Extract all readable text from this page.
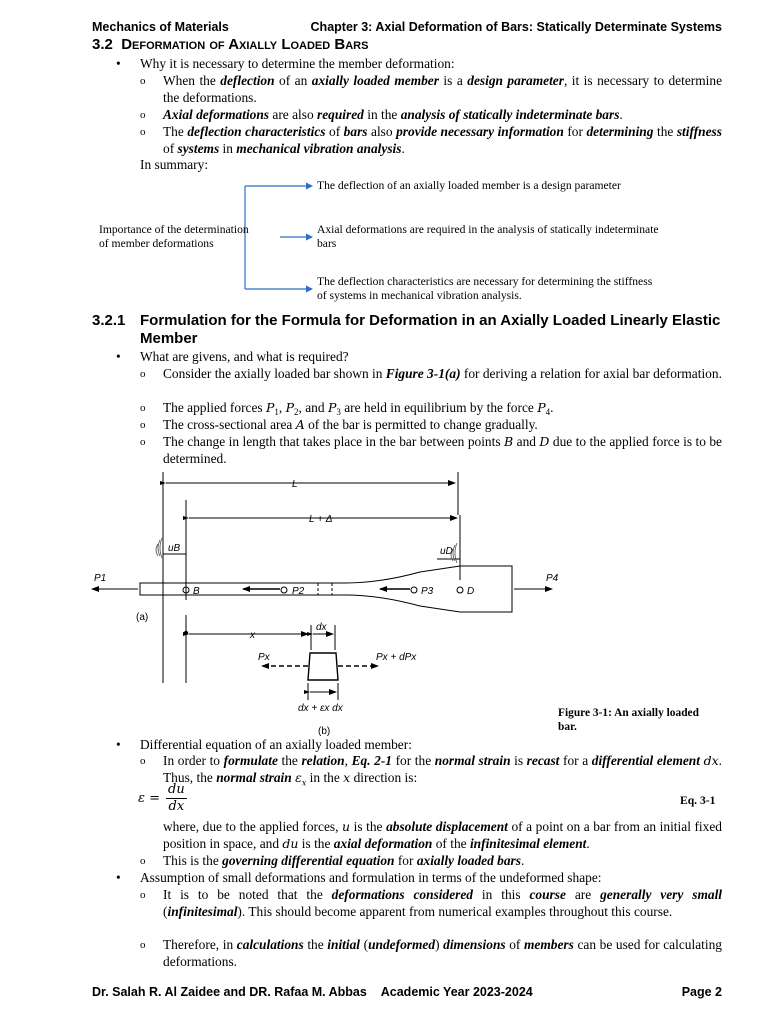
Mechanics of Materials	Chapter 3: Axial Deformation of Bars: Statically Determinate Systems
3.2 Deformation of Axially Loaded Bars
• Why it is necessary to determine the member deformation:
o When the deflection of an axially loaded member is a design parameter, it is necessary to determine the deformations.
o Axial deformations are also required in the analysis of statically indeterminate bars.
o The deflection characteristics of bars also provide necessary information for determining the stiffness of systems in mechanical vibration analysis.
In summary:
Importance of the determination
of member deformations
The deflection of an axially loaded member is a design parameter
Axial deformations are required in the analysis of statically indeterminate
bars
The deflection characteristics are necessary for determining the stiffness
of systems in mechanical vibration analysis.
3.2.1 Formulation for the Formula for Deformation in an Axially Loaded Linearly Elastic Member
• What are givens, and what is required?
o Consider the axially loaded bar shown in Figure 3-1(a) for deriving a relation for axial bar deformation.
o The applied forces $P_1$, $P_2$, and $P_3$ are held in equilibrium by the force $P_4$.
o The cross-sectional area A of the bar is permitted to change gradually.
o The change in length that takes place in the bar between points B and D due to the applied force is to be determined.
L
L + Δ
uB	uD
P1	P4
P2	P3
B	D
x
dx
Px	Px + dPx
dx + εx dx
(a)
(b)
Figure 3-1: An axially loaded
bar.
• Differential equation of an axially loaded member:
o In order to formulate the relation, Eq. 2-1 for the normal strain is recast for a differential element dx. Thus, the normal strain $\varepsilon_x$ in the x direction is:
$\varepsilon = \frac{du}{dx}$	Eq. 3-1
where, due to the applied forces, u is the absolute displacement of a point on a bar from an initial fixed position in space, and du is the axial deformation of the infinitesimal element.
o This is the governing differential equation for axially loaded bars.
• Assumption of small deformations and formulation in terms of the undeformed shape:
o It is to be noted that the deformations considered in this course are generally very small (infinitesimal). This should become apparent from numerical examples throughout this course.
o Therefore, in calculations the initial (undeformed) dimensions of members can be used for calculating deformations.
Dr. Salah R. Al Zaidee and DR. Rafaa M. Abbas Academic Year 2023-2024	Page 2
